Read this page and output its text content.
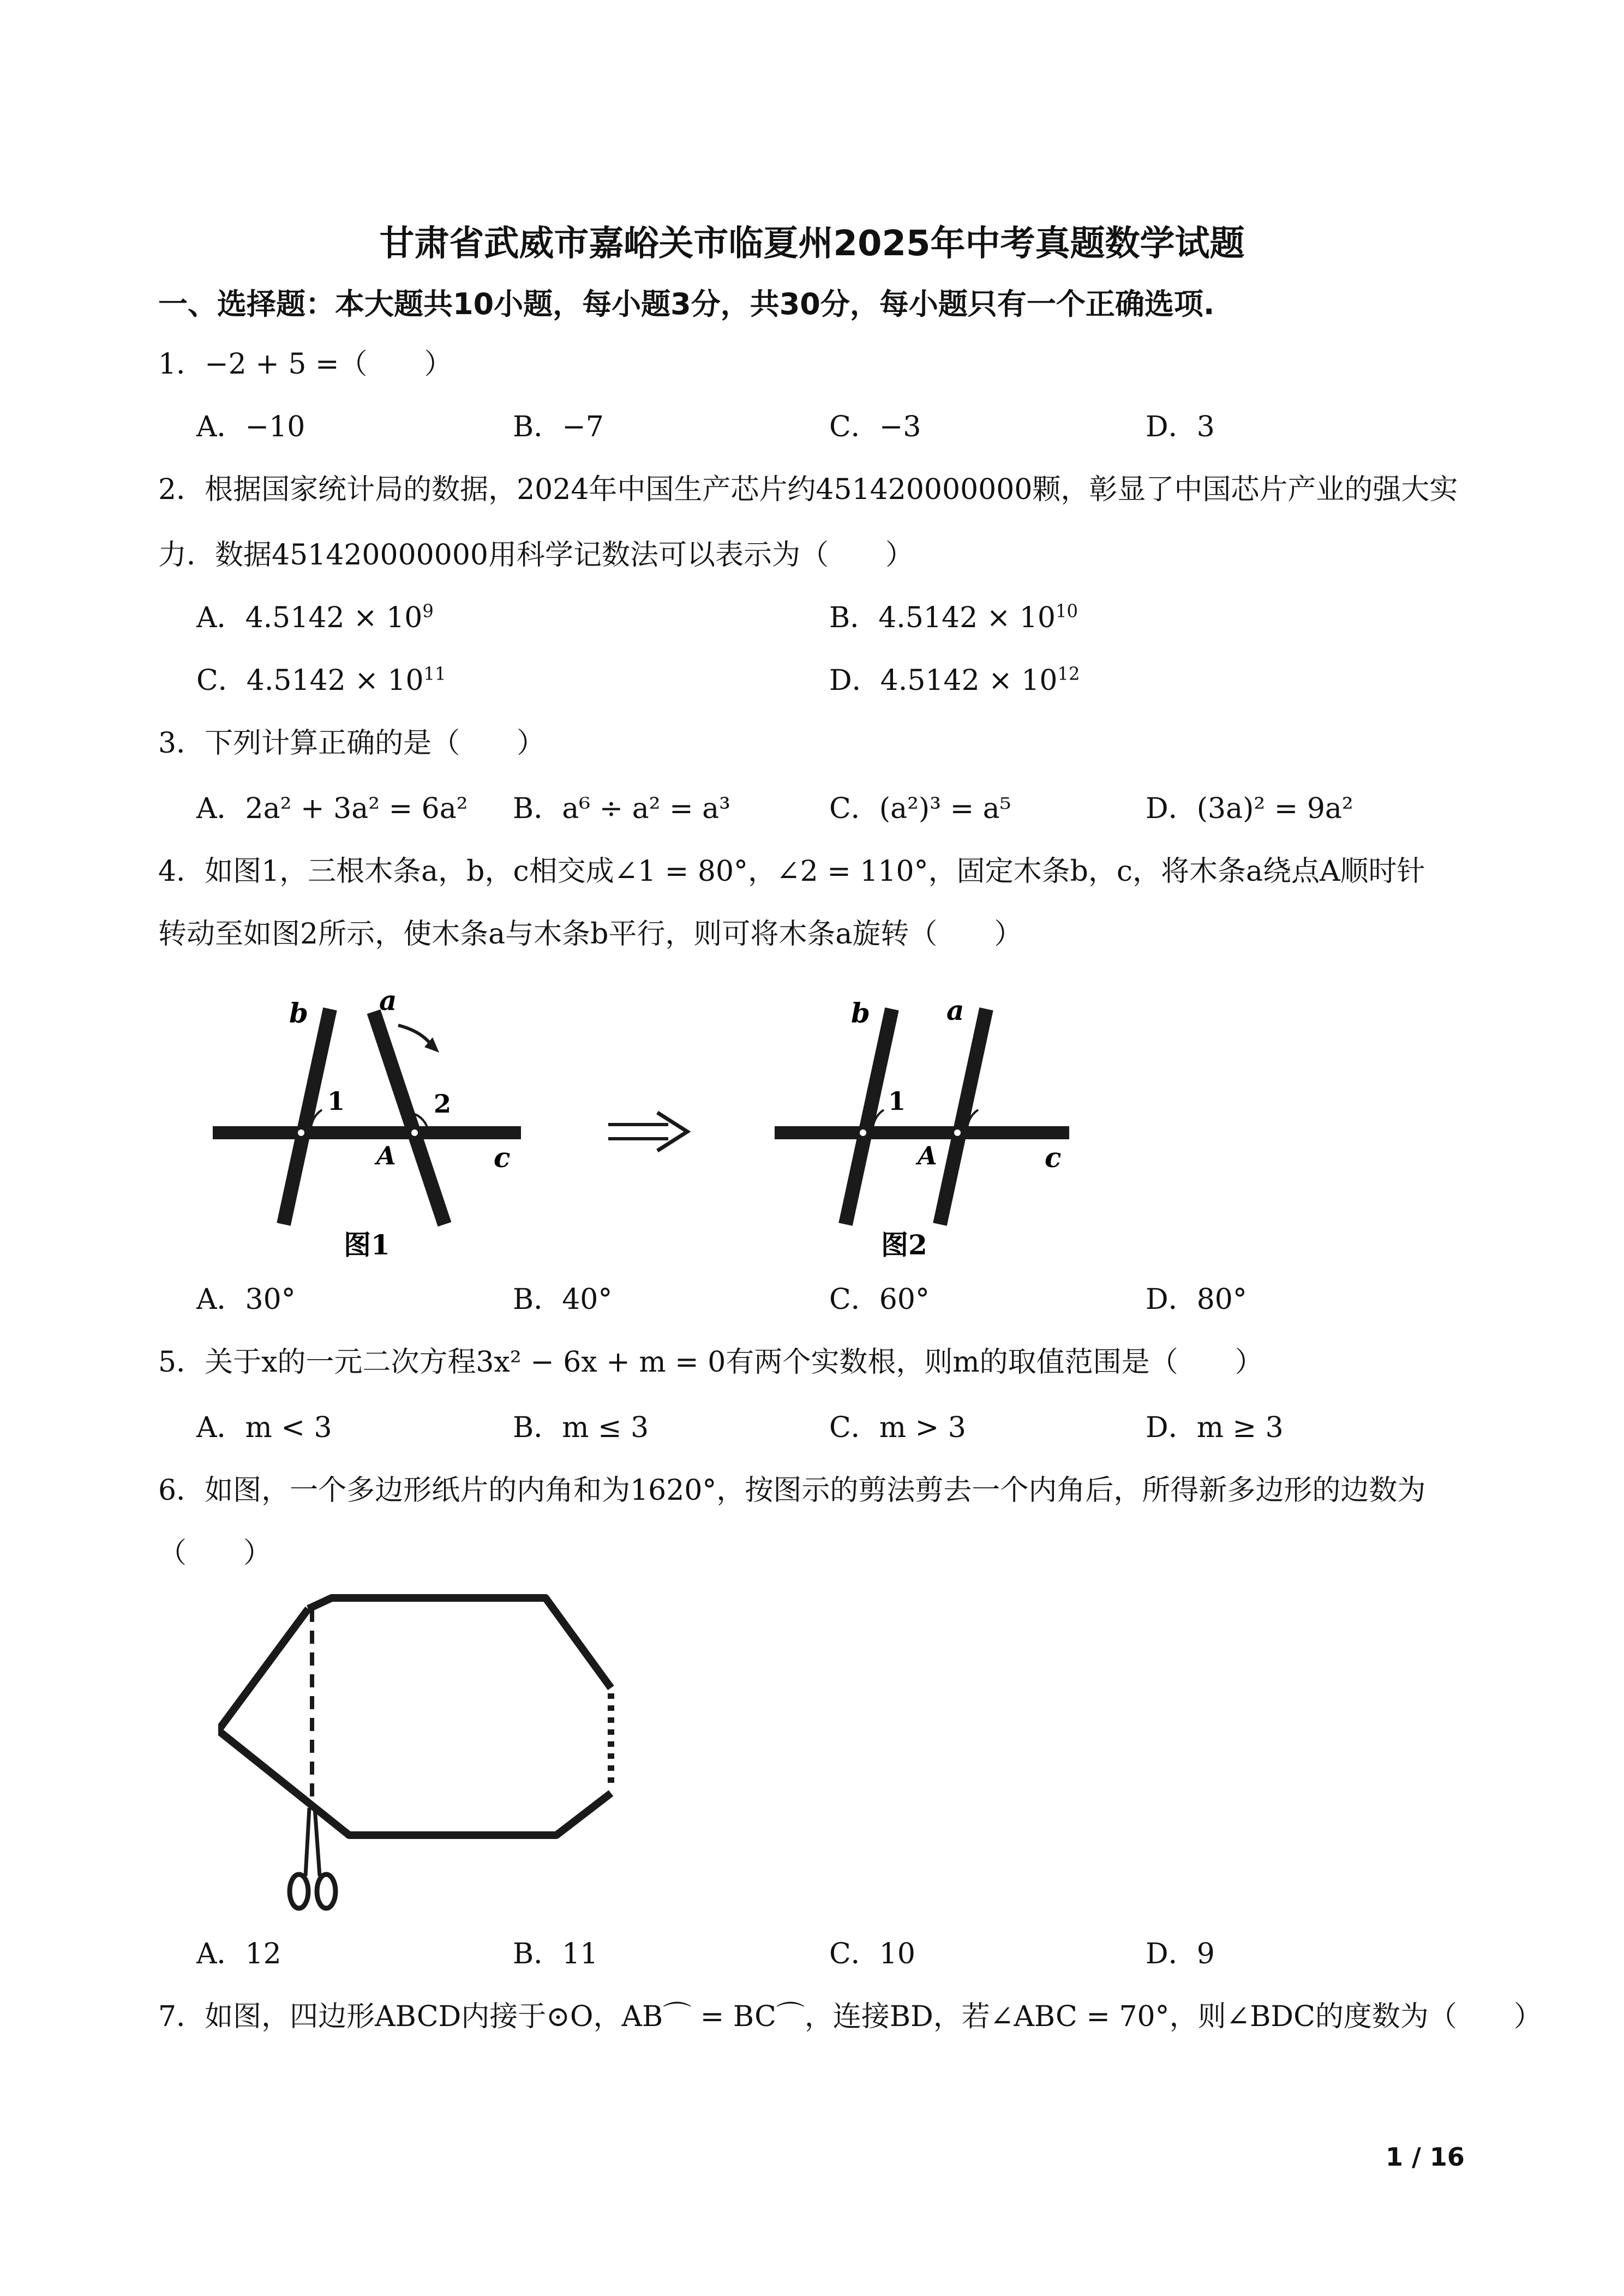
甘肃省武威市嘉峪关市临夏州2025年中考真题数学试题
一、选择题：本大题共10小题，每小题3分，共30分，每小题只有一个正确选项.
1．−2 + 5 =（　　）
A．−10	B．−7	C．−3	D．3
2．根据国家统计局的数据，2024年中国生产芯片约451420000000颗，彰显了中国芯片产业的强大实
力．数据451420000000用科学记数法可以表示为（　　）
A．$4.5142 \times 10^9$	B．$4.5142 \times 10^{10}$
C．$4.5142 \times 10^{11}$	D．$4.5142 \times 10^{12}$
3．下列计算正确的是（　　）
A．2a² + 3a² = 6a² B．a⁶ ÷ a² = a³	C．(a²)³ = a⁵	D．(3a)² = 9a²
4．如图1，三根木条a，b，c相交成∠1 = 80°，∠2 = 110°，固定木条b，c，将木条a绕点A顺时针
转动至如图2所示，使木条a与木条b平行，则可将木条a旋转（　　）
b	a
c
A
1	2
图1
b	a
c
A
1
图2
A．30°	B．40°	C．60°	D．80°
5．关于x的一元二次方程3x² − 6x + m = 0有两个实数根，则m的取值范围是（　　）
A．m < 3	B．m ≤ 3	C．m > 3	D．m ≥ 3
6．如图，一个多边形纸片的内角和为1620°，按图示的剪法剪去一个内角后，所得新多边形的边数为
（　　）
A．12	B．11	C．10	D．9
7．如图，四边形ABCD内接于⊙O，AB⌒ = BC⌒，连接BD，若∠ABC = 70°，则∠BDC的度数为（　　）
1 / 16
